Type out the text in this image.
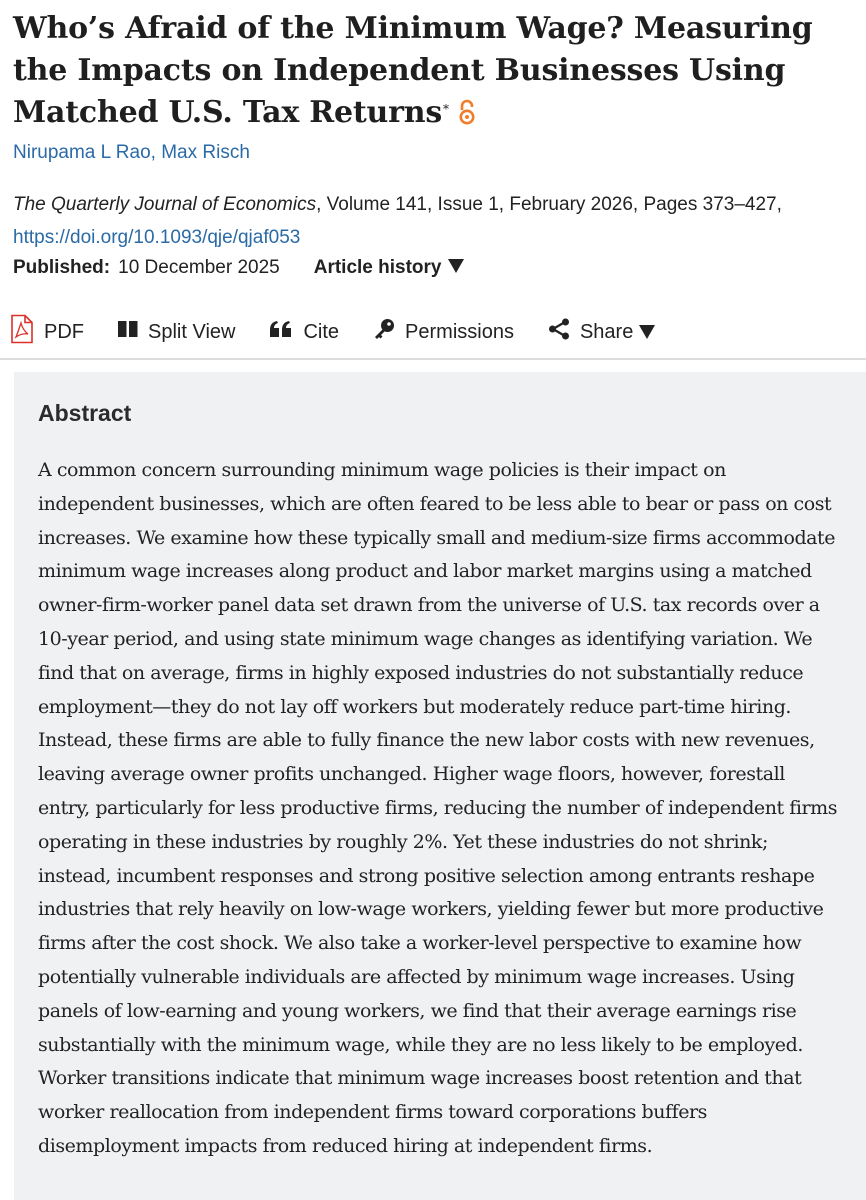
Who’s Afraid of the Minimum Wage? Measuring the Impacts on Independent Businesses Using Matched U.S. Tax Returns*
Nirupama L Rao, Max Risch
The Quarterly Journal of Economics, Volume 141, Issue 1, February 2026, Pages 373–427,
https://doi.org/10.1093/qje/qjaf053
Published: 10 December 2025 Article history
PDF	Split View	Cite	Permissions	Share
Abstract

A common concern surrounding minimum wage policies is their impact on independent businesses, which are often feared to be less able to bear or pass on cost increases. We examine how these typically small and medium-size firms accommodate minimum wage increases along product and labor market margins using a matched owner-firm-worker panel data set drawn from the universe of U.S. tax records over a 10-year period, and using state minimum wage changes as identifying variation. We find that on average, firms in highly exposed industries do not substantially reduce employment—they do not lay off workers but moderately reduce part-time hiring. Instead, these firms are able to fully finance the new labor costs with new revenues, leaving average owner profits unchanged. Higher wage floors, however, forestall entry, particularly for less productive firms, reducing the number of independent firms operating in these industries by roughly 2%. Yet these industries do not shrink; instead, incumbent responses and strong positive selection among entrants reshape industries that rely heavily on low-wage workers, yielding fewer but more productive firms after the cost shock. We also take a worker-level perspective to examine how potentially vulnerable individuals are affected by minimum wage increases. Using panels of low-earning and young workers, we find that their average earnings rise substantially with the minimum wage, while they are no less likely to be employed. Worker transitions indicate that minimum wage increases boost retention and that worker reallocation from independent firms toward corporations buffers disemployment impacts from reduced hiring at independent firms.
